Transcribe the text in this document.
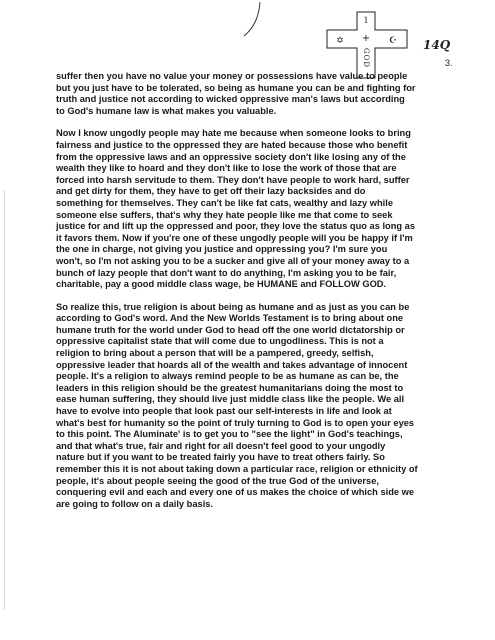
1
✡ + ☪
GOD
14Q
3.
suffer then you have no value your money or possessions have value to people
but you just have to be tolerated, so being as humane you can be and fighting for
truth and justice not according to wicked oppressive man's laws but according
to God's humane law is what makes you valuable.
Now I know ungodly people may hate me because when someone looks to bring
fairness and justice to the oppressed they are hated because those who benefit
from the oppressive laws and an oppressive society don't like losing any of the
wealth they like to hoard and they don't like to lose the work of those that are
forced into harsh servitude to them. They don't have people to work hard, suffer
and get dirty for them, they have to get off their lazy backsides and do
something for themselves. They can't be like fat cats, wealthy and lazy while
someone else suffers, that's why they hate people like me that come to seek
justice for and lift up the oppressed and poor, they love the status quo as long as
it favors them. Now if you're one of these ungodly people will you be happy if I'm
the one in charge, not giving you justice and oppressing you? I'm sure you
won't, so I'm not asking you to be a sucker and give all of your money away to a
bunch of lazy people that don't want to do anything, I'm asking you to be fair,
charitable, pay a good middle class wage, be HUMANE and FOLLOW GOD.
So realize this, true religion is about being as humane and as just as you can be
according to God's word. And the New Worlds Testament is to bring about one
humane truth for the world under God to head off the one world dictatorship or
oppressive capitalist state that will come due to ungodliness. This is not a
religion to bring about a person that will be a pampered, greedy, selfish,
oppressive leader that hoards all of the wealth and takes advantage of innocent
people. It's a religion to always remind people to be as humane as can be, the
leaders in this religion should be the greatest humanitarians doing the most to
ease human suffering, they should live just middle class like the people. We all
have to evolve into people that look past our self-interests in life and look at
what's best for humanity so the point of truly turning to God is to open your eyes
to this point. The Aluminate' is to get you to "see the light" in God's teachings,
and that what's true, fair and right for all doesn't feel good to your ungodly
nature but if you want to be treated fairly you have to treat others fairly. So
remember this it is not about taking down a particular race, religion or ethnicity of
people, it's about people seeing the good of the true God of the universe,
conquering evil and each and every one of us makes the choice of which side we
are going to follow on a daily basis.
